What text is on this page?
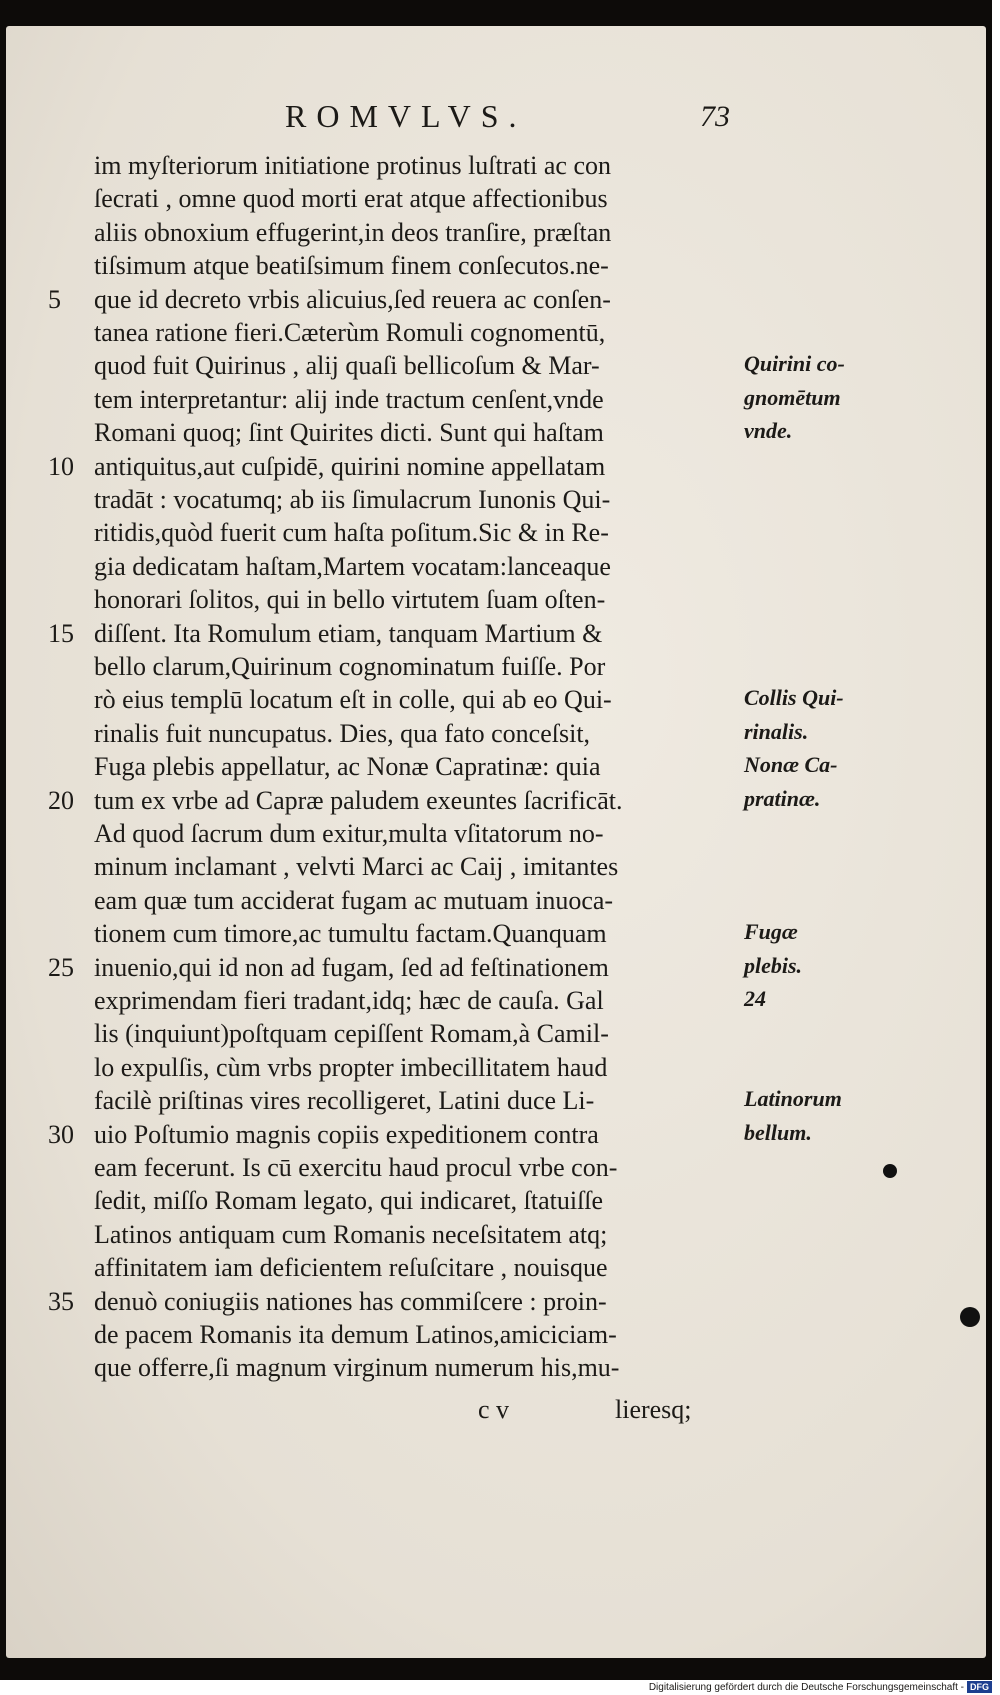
ROMVLVS.	73
im myſteriorum initiatione protinus luſtrati ac con
ſecrati , omne quod morti erat atque affectionibus
aliis obnoxium effugerint,in deos tranſire, præſtan
tiſsimum atque beatiſsimum finem conſecutos.ne-
que id decreto vrbis alicuius,ſed reuera ac conſen-
tanea ratione fieri.Cæterùm Romuli cognomentū,
quod fuit Quirinus , alij quaſi bellicoſum & Mar-
tem interpretantur: alij inde tractum cenſent,vnde
Romani quoq; ſint Quirites dicti. Sunt qui haſtam
antiquitus,aut cuſpidē, quirini nomine appellatam
tradāt : vocatumq; ab iis ſimulacrum Iunonis Qui-
ritidis,quòd fuerit cum haſta poſitum.Sic & in Re-
gia dedicatam haſtam,Martem vocatam:lanceaque
honorari ſolitos, qui in bello virtutem ſuam oſten-
diſſent. Ita Romulum etiam, tanquam Martium &
bello clarum,Quirinum cognominatum fuiſſe. Por
rò eius templū locatum eſt in colle, qui ab eo Qui-
rinalis fuit nuncupatus. Dies, qua fato conceſsit,
Fuga plebis appellatur, ac Nonæ Capratinæ: quia
tum ex vrbe ad Capræ paludem exeuntes ſacrificāt.
Ad quod ſacrum dum exitur,multa vſitatorum no-
minum inclamant , velvti Marci ac Caij , imitantes
eam quæ tum acciderat fugam ac mutuam inuoca-
tionem cum timore,ac tumultu factam.Quanquam
inuenio,qui id non ad fugam, ſed ad feſtinationem
exprimendam fieri tradant,idq; hæc de cauſa. Gal
lis (inquiunt)poſtquam cepiſſent Romam,à Camil-
lo expulſis, cùm vrbs propter imbecillitatem haud
facilè priſtinas vires recolligeret, Latini duce Li-
uio Poſtumio magnis copiis expeditionem contra
eam fecerunt. Is cū exercitu haud procul vrbe con-
ſedit, miſſo Romam legato, qui indicaret, ſtatuiſſe
Latinos antiquam cum Romanis neceſsitatem atq;
affinitatem iam deficientem reſuſcitare , nouisque
denuò coniugiis nationes has commiſcere : proin-
de pacem Romanis ita demum Latinos,amiciciam-
que offerre,ſi magnum virginum numerum his,mu-
5
10
15
20
25
30
35
Quirini co-
gnomētum
vnde.
Collis Qui-
rinalis.
Nonæ Ca-
pratinæ.
Fugæ
plebis.
24
Latinorum
bellum.
c v	lieresq;
Digitalisierung gefördert durch die Deutsche Forschungsgemeinschaft - DFG
